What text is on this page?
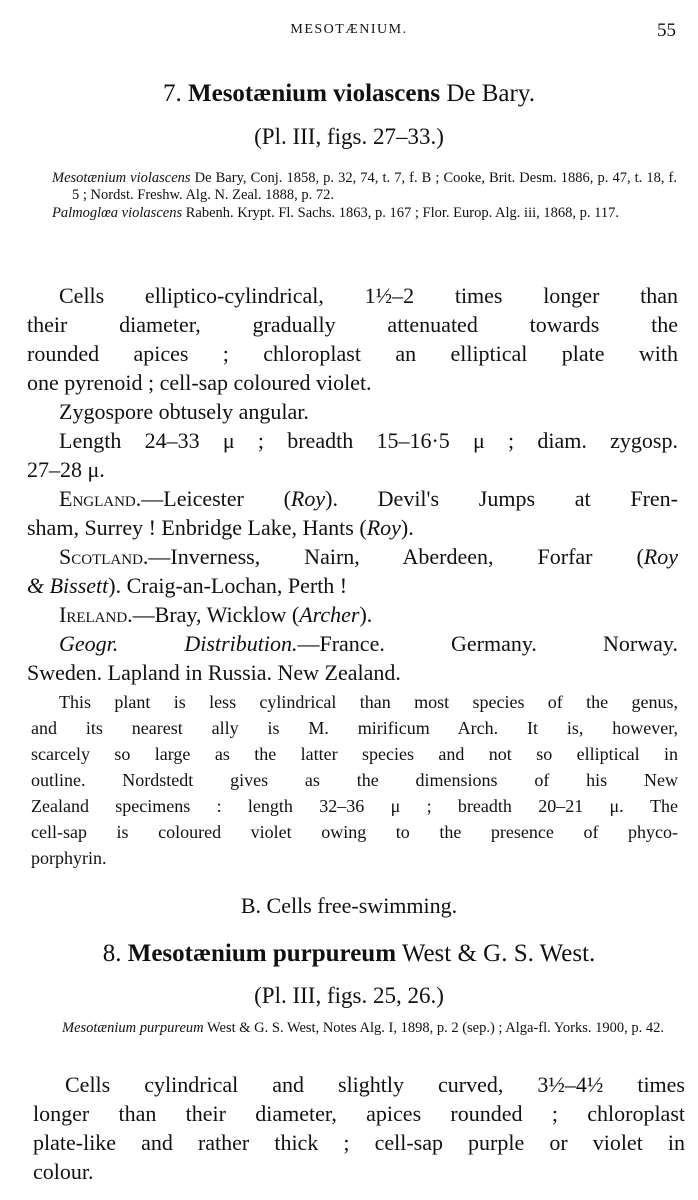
MESOTÆNIUM.	55
7. Mesotænium violascens De Bary.
(Pl. III, figs. 27–33.)

Mesotænium violascens De Bary, Conj. 1858, p. 32, 74, t. 7, f. B ; Cooke, Brit. Desm. 1886, p. 47, t. 18, f. 5 ; Nordst. Freshw. Alg. N. Zeal. 1888, p. 72.

Palmoglœa violascens Rabenh. Krypt. Fl. Sachs. 1863, p. 167 ; Flor. Europ. Alg. iii, 1868, p. 117.

Cells elliptico-cylindrical, 1½–2 times longer than

their diameter, gradually attenuated towards the

rounded apices ; chloroplast an elliptical plate with

one pyrenoid ; cell-sap coloured violet.

Zygospore obtusely angular.

Length 24–33 μ ; breadth 15–16·5 μ ; diam. zygosp.

27–28 μ.

England.—Leicester (Roy). Devil's Jumps at Fren-

sham, Surrey ! Enbridge Lake, Hants (Roy).

Scotland.—Inverness, Nairn, Aberdeen, Forfar (Roy

& Bissett). Craig-an-Lochan, Perth !

Ireland.—Bray, Wicklow (Archer).

Geogr. Distribution.—France. Germany. Norway.

Sweden. Lapland in Russia. New Zealand.

This plant is less cylindrical than most species of the genus,

and its nearest ally is M. mirificum Arch. It is, however,

scarcely so large as the latter species and not so elliptical in

outline. Nordstedt gives as the dimensions of his New

Zealand specimens : length 32–36 μ ; breadth 20–21 μ. The

cell-sap is coloured violet owing to the presence of phyco-

porphyrin.

B. Cells free-swimming.
8. Mesotænium purpureum West & G. S. West.
(Pl. III, figs. 25, 26.)

Mesotænium purpureum West & G. S. West, Notes Alg. I, 1898, p. 2 (sep.) ; Alga-fl. Yorks. 1900, p. 42.

Cells cylindrical and slightly curved, 3½–4½ times

longer than their diameter, apices rounded ; chloroplast

plate-like and rather thick ; cell-sap purple or violet in

colour.
